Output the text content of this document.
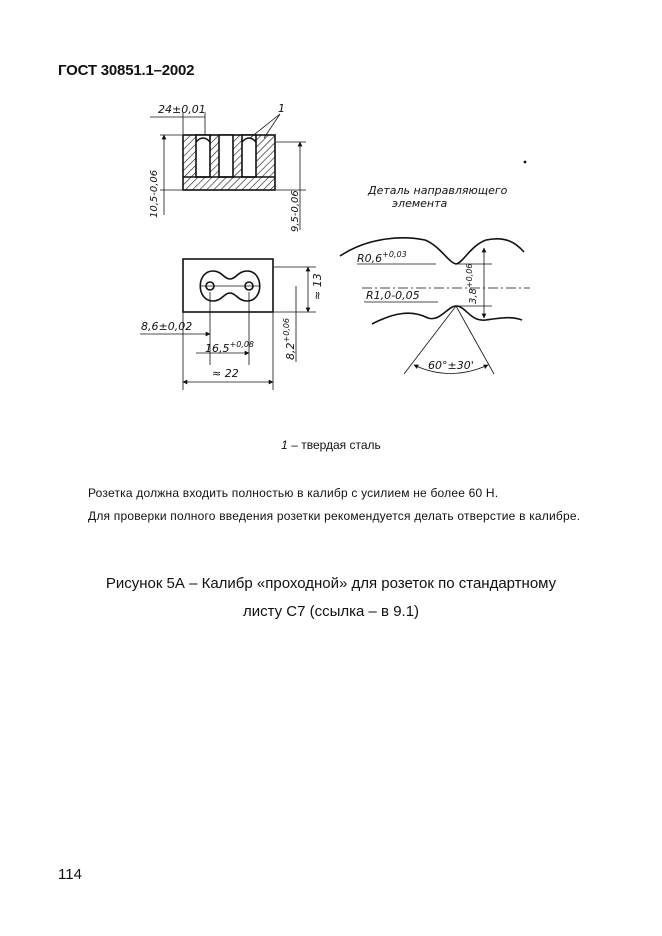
ГОСТ 30851.1–2002
24±0,01	1
10,5-0,06	9,5-0,06
8,6±0,02
$16,5^{+0,08}$
≈ 22
≈ 13
$8,2^{+0,06}$
Деталь направляющего
элемента
$R0,6^{+0,03}$
R1,0-0,05	$3,8^{+0,06}$
60°±30'
1 – твердая сталь
Розетка должна входить полностью в калибр с усилием не более 60 Н.
Для проверки полного введения розетки рекомендуется делать отверстие в калибре.
Рисунок 5А – Калибр «проходной» для розеток по стандартному
листу С7 (ссылка – в 9.1)
114
